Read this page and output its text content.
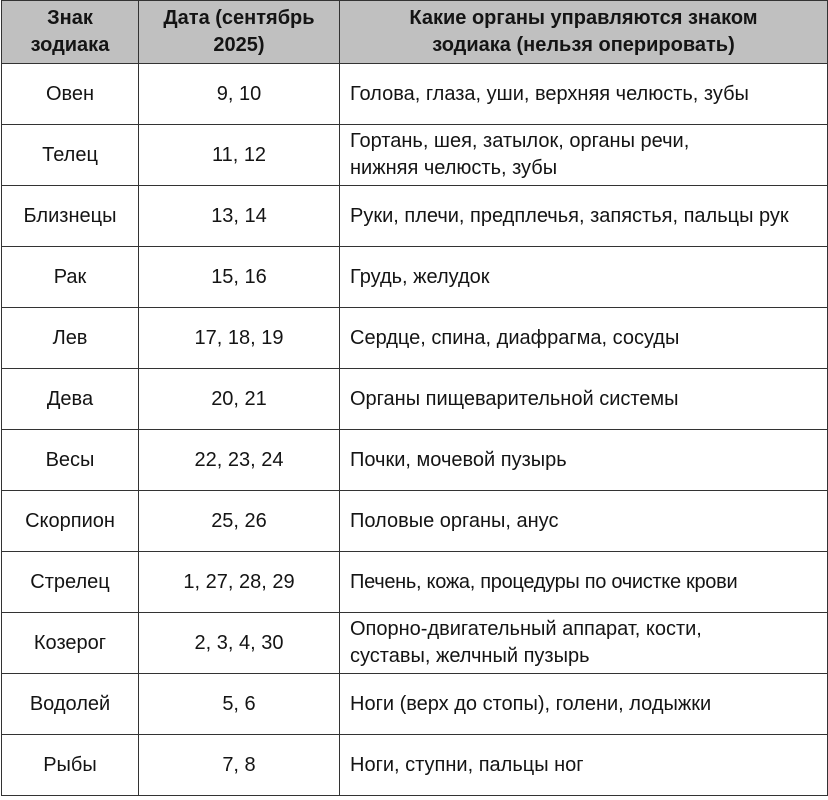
Знак зодиака	Дата (сентябрь 2025)	Какие органы управляются знаком зодиака (нельзя оперировать)
Овен	9, 10	Голова, глаза, уши, верхняя челюсть, зубы
Телец	11, 12	Гортань, шея, затылок, органы речи, нижняя челюсть, зубы
Близнецы	13, 14	Руки, плечи, предплечья, запястья, пальцы рук
Рак	15, 16	Грудь, желудок
Лев	17, 18, 19	Сердце, спина, диафрагма, сосуды
Дева	20, 21	Органы пищеварительной системы
Весы	22, 23, 24	Почки, мочевой пузырь
Скорпион	25, 26	Половые органы, анус
Стрелец	1, 27, 28, 29	Печень, кожа, процедуры по очистке крови
Козерог	2, 3, 4, 30	Опорно-двигательный аппарат, кости, суставы, желчный пузырь
Водолей	5, 6	Ноги (верх до стопы), голени, лодыжки
Рыбы	7, 8	Ноги, ступни, пальцы ног
